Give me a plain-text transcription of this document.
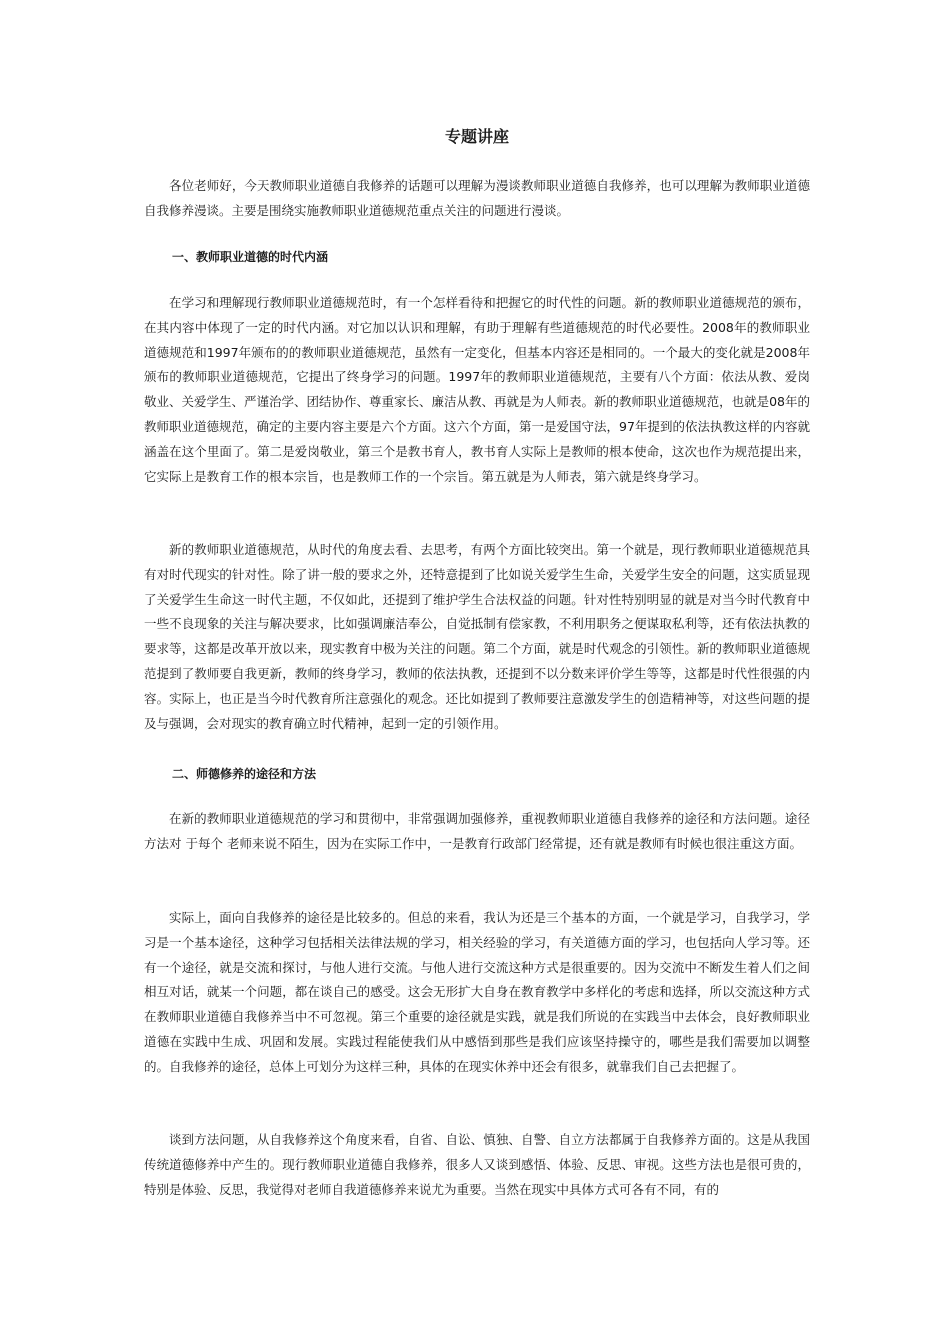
专题讲座

各位老师好，今天教师职业道德自我修养的话题可以理解为漫谈教师职业道德自我修养，也可以理解为教师职业道德自我修养漫谈。主要是围绕实施教师职业道德规范重点关注的问题进行漫谈。

一、教师职业道德的时代内涵

在学习和理解现行教师职业道德规范时，有一个怎样看待和把握它的时代性的问题。新的教师职业道德规范的颁布，在其内容中体现了一定的时代内涵。对它加以认识和理解，有助于理解有些道德规范的时代必要性。2008年的教师职业道德规范和1997年颁布的的教师职业道德规范，虽然有一定变化，但基本内容还是相同的。一个最大的变化就是2008年颁布的教师职业道德规范，它提出了终身学习的问题。1997年的教师职业道德规范，主要有八个方面：依法从教、爱岗敬业、关爱学生、严谨治学、团结协作、尊重家长、廉洁从教、再就是为人师表。新的教师职业道德规范，也就是08年的教师职业道德规范，确定的主要内容主要是六个方面。这六个方面，第一是爱国守法，97年提到的依法执教这样的内容就涵盖在这个里面了。第二是爱岗敬业，第三个是教书育人，教书育人实际上是教师的根本使命，这次也作为规范提出来，它实际上是教育工作的根本宗旨，也是教师工作的一个宗旨。第五就是为人师表，第六就是终身学习。

新的教师职业道德规范，从时代的角度去看、去思考，有两个方面比较突出。第一个就是，现行教师职业道德规范具有对时代现实的针对性。除了讲一般的要求之外，还特意提到了比如说关爱学生生命，关爱学生安全的问题，这实质显现了关爱学生生命这一时代主题，不仅如此，还提到了维护学生合法权益的问题。针对性特别明显的就是对当今时代教育中一些不良现象的关注与解决要求，比如强调廉洁奉公，自觉抵制有偿家教，不利用职务之便谋取私利等，还有依法执教的要求等，这都是改革开放以来，现实教育中极为关注的问题。第二个方面，就是时代观念的引领性。新的教师职业道德规范提到了教师要自我更新，教师的终身学习，教师的依法执教，还提到不以分数来评价学生等等，这都是时代性很强的内容。实际上，也正是当今时代教育所注意强化的观念。还比如提到了教师要注意激发学生的创造精神等，对这些问题的提及与强调，会对现实的教育确立时代精神，起到一定的引领作用。

二、师德修养的途径和方法

在新的教师职业道德规范的学习和贯彻中，非常强调加强修养，重视教师职业道德自我修养的途径和方法问题。途径方法对 于每个 老师来说不陌生，因为在实际工作中，一是教育行政部门经常提，还有就是教师有时候也很注重这方面。

实际上，面向自我修养的途径是比较多的。但总的来看，我认为还是三个基本的方面，一个就是学习，自我学习，学习是一个基本途径，这种学习包括相关法律法规的学习，相关经验的学习，有关道德方面的学习，也包括向人学习等。还有一个途径，就是交流和探讨，与他人进行交流。与他人进行交流这种方式是很重要的。因为交流中不断发生着人们之间相互对话，就某一个问题，都在谈自己的感受。这会无形扩大自身在教育教学中多样化的考虑和选择，所以交流这种方式在教师职业道德自我修养当中不可忽视。第三个重要的途径就是实践，就是我们所说的在实践当中去体会，良好教师职业道德在实践中生成、巩固和发展。实践过程能使我们从中感悟到那些是我们应该坚持操守的，哪些是我们需要加以调整的。自我修养的途径，总体上可划分为这样三种，具体的在现实休养中还会有很多，就靠我们自己去把握了。

谈到方法问题，从自我修养这个角度来看，自省、自讼、慎独、自警、自立方法都属于自我修养方面的。这是从我国传统道德修养中产生的。现行教师职业道德自我修养，很多人又谈到感悟、体验、反思、审视。这些方法也是很可贵的，特别是体验、反思，我觉得对老师自我道德修养来说尤为重要。当然在现实中具体方式可各有不同，有的
